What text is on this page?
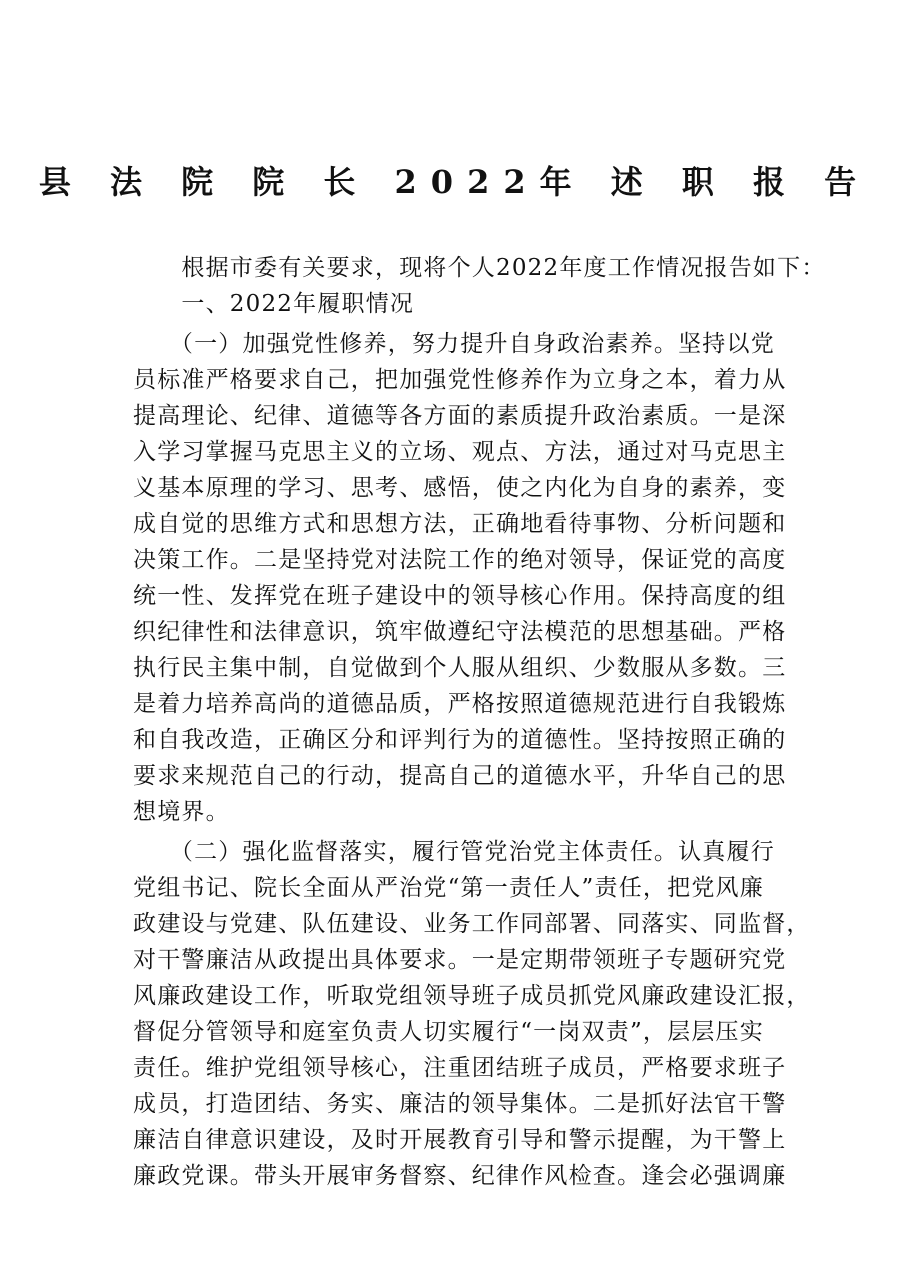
县 法 院 院 长 2022年 述 职 报 告

　　根据市委有关要求，现将个人2022年度工作情况报告如下：

　　一、2022年履职情况

　　（一）加强党性修养，努力提升自身政治素养。坚持以党

员标准严格要求自己，把加强党性修养作为立身之本，着力从

提高理论、纪律、道德等各方面的素质提升政治素质。一是深

入学习掌握马克思主义的立场、观点、方法，通过对马克思主

义基本原理的学习、思考、感悟，使之内化为自身的素养，变

成自觉的思维方式和思想方法，正确地看待事物、分析问题和

决策工作。二是坚持党对法院工作的绝对领导，保证党的高度

统一性、发挥党在班子建设中的领导核心作用。保持高度的组

织纪律性和法律意识，筑牢做遵纪守法模范的思想基础。严格

执行民主集中制，自觉做到个人服从组织、少数服从多数。三

是着力培养高尚的道德品质，严格按照道德规范进行自我锻炼

和自我改造，正确区分和评判行为的道德性。坚持按照正确的

要求来规范自己的行动，提高自己的道德水平，升华自己的思

想境界。

　　（二）强化监督落实，履行管党治党主体责任。认真履行

党组书记、院长全面从严治党“第一责任人”责任，把党风廉

政建设与党建、队伍建设、业务工作同部署、同落实、同监督，

对干警廉洁从政提出具体要求。一是定期带领班子专题研究党

风廉政建设工作，听取党组领导班子成员抓党风廉政建设汇报，

督促分管领导和庭室负责人切实履行“一岗双责”，层层压实

责任。维护党组领导核心，注重团结班子成员，严格要求班子

成员，打造团结、务实、廉洁的领导集体。二是抓好法官干警

廉洁自律意识建设，及时开展教育引导和警示提醒，为干警上

廉政党课。带头开展审务督察、纪律作风检查。逢会必强调廉
